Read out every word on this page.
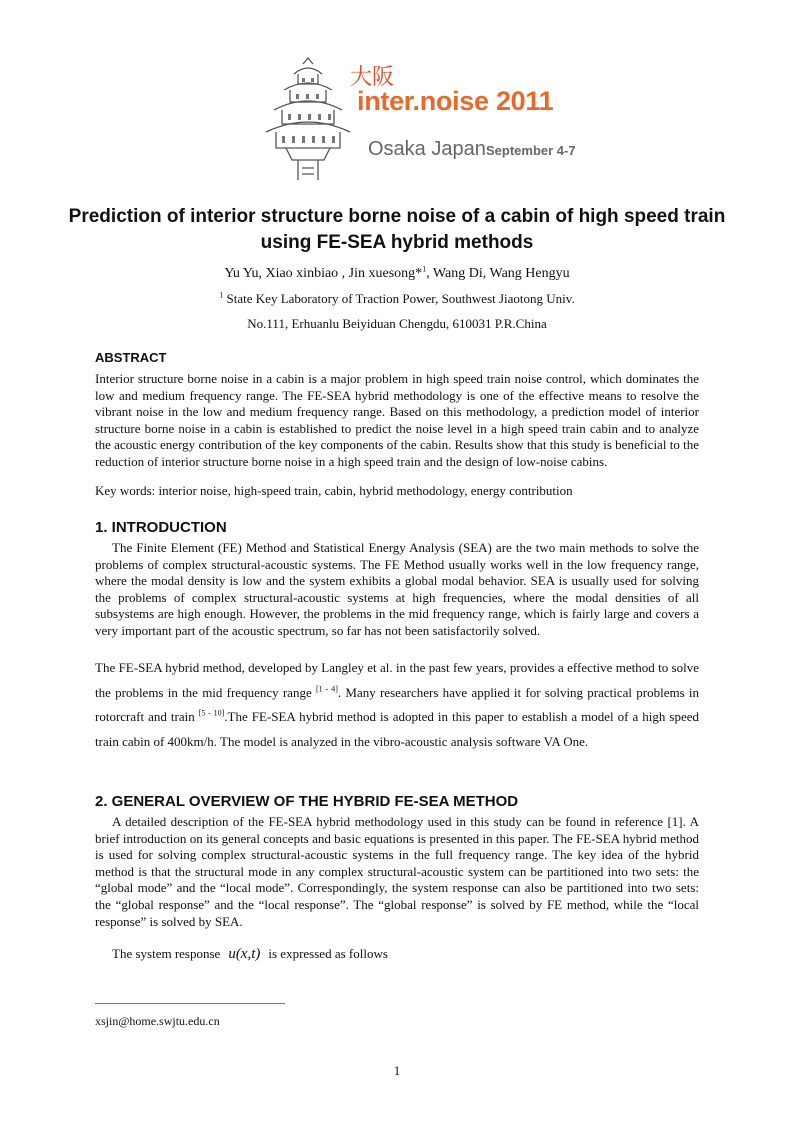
大阪
inter.noise 2011
Osaka Japan September 4-7
Prediction of interior structure borne noise of a cabin of high speed train using FE-SEA hybrid methods
Yu Yu, Xiao xinbiao , Jin xuesong*$^1$, Wang Di, Wang Hengyu
$^1$ State Key Laboratory of Traction Power, Southwest Jiaotong Univ.
No.111, Erhuanlu Beiyiduan Chengdu, 610031 P.R.China
ABSTRACT
Interior structure borne noise in a cabin is a major problem in high speed train noise control, which dominates the low and medium frequency range. The FE-SEA hybrid methodology is one of the effective means to resolve the vibrant noise in the low and medium frequency range. Based on this methodology, a prediction model of interior structure borne noise in a cabin is established to predict the noise level in a high speed train cabin and to analyze the acoustic energy contribution of the key components of the cabin. Results show that this study is beneficial to the reduction of interior structure borne noise in a high speed train and the design of low-noise cabins.
Key words: interior noise, high-speed train, cabin, hybrid methodology, energy contribution
1. INTRODUCTION
The Finite Element (FE) Method and Statistical Energy Analysis (SEA) are the two main methods to solve the problems of complex structural-acoustic systems. The FE Method usually works well in the low frequency range, where the modal density is low and the system exhibits a global modal behavior. SEA is usually used for solving the problems of complex structural-acoustic systems at high frequencies, where the modal densities of all subsystems are high enough. However, the problems in the mid frequency range, which is fairly large and covers a very important part of the acoustic spectrum, so far has not been satisfactorily solved.
The FE-SEA hybrid method, developed by Langley et al. in the past few years, provides a effective method to solve the problems in the mid frequency range [1 - 4]. Many researchers have applied it for solving practical problems in rotorcraft and train [5 - 10].The FE-SEA hybrid method is adopted in this paper to establish a model of a high speed train cabin of 400km/h. The model is analyzed in the vibro-acoustic analysis software VA One.
2. GENERAL OVERVIEW OF THE HYBRID FE-SEA METHOD
A detailed description of the FE-SEA hybrid methodology used in this study can be found in reference [1]. A brief introduction on its general concepts and basic equations is presented in this paper. The FE-SEA hybrid method is used for solving complex structural-acoustic systems in the full frequency range. The key idea of the hybrid method is that the structural mode in any complex structural-acoustic system can be partitioned into two sets: the “global mode” and the “local mode”. Correspondingly, the system response can also be partitioned into two sets: the “global response” and the “local response”. The “global response” is solved by FE method, while the “local response” is solved by SEA.
The system response u(x,t) is expressed as follows
xsjin@home.swjtu.edu.cn
1
